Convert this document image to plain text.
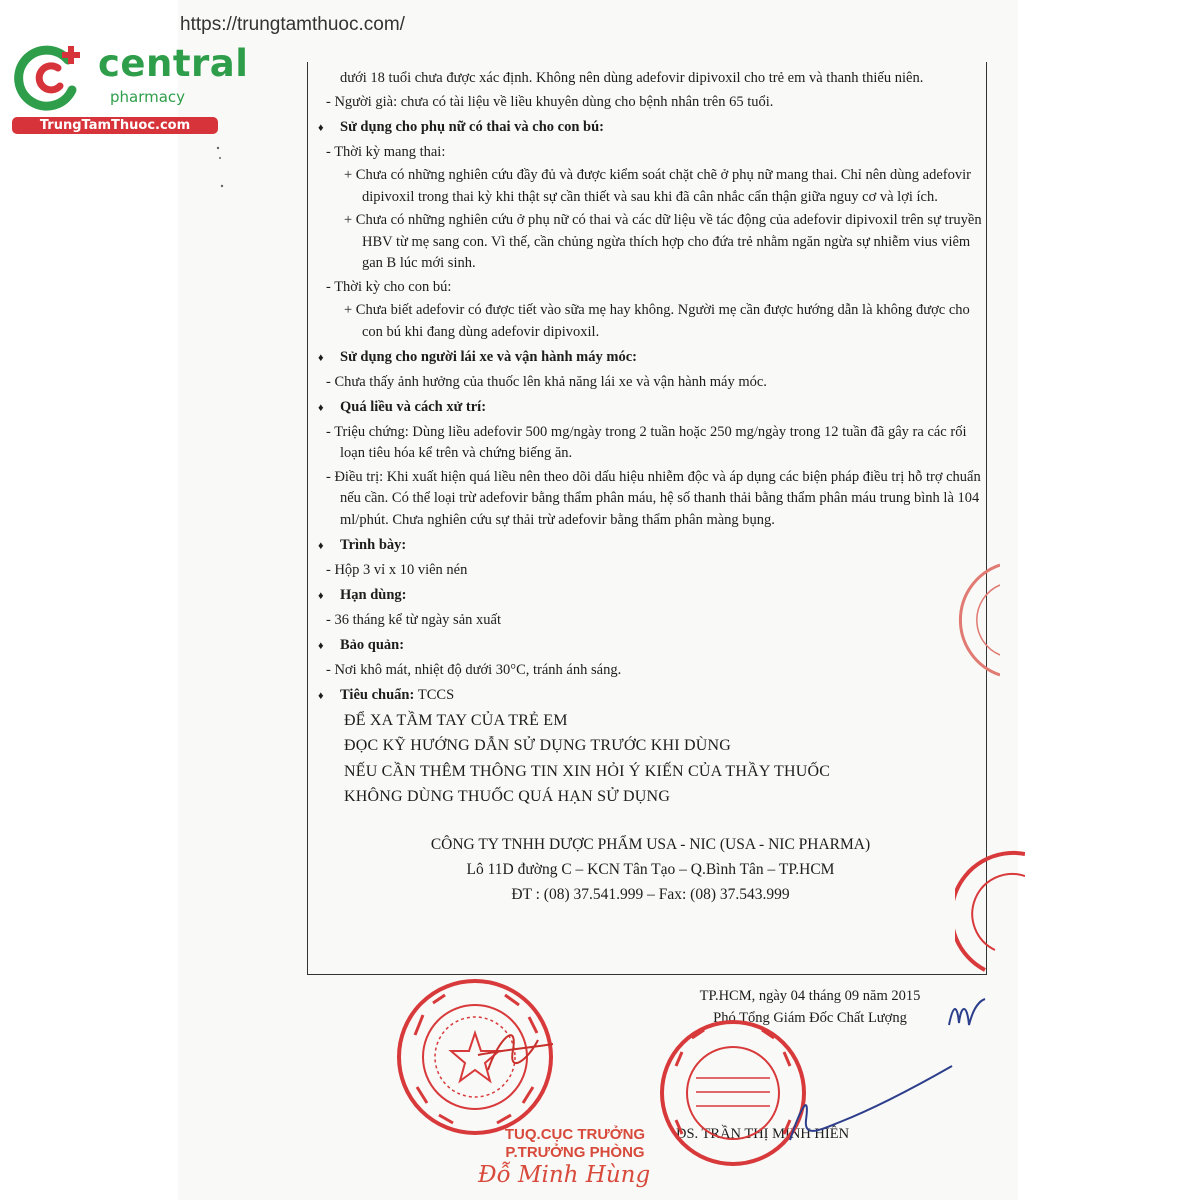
https://trungtamthuoc.com/
central
pharmacy
TrungTamThuoc.com

dưới 18 tuổi chưa được xác định. Không nên dùng adefovir dipivoxil cho trẻ em và thanh thiếu niên.

- Người già: chưa có tài liệu về liều khuyên dùng cho bệnh nhân trên 65 tuổi.

♦ Sử dụng cho phụ nữ có thai và cho con bú:

- Thời kỳ mang thai:

+ Chưa có những nghiên cứu đầy đủ và được kiểm soát chặt chẽ ở phụ nữ mang thai. Chỉ nên dùng adefovir dipivoxil trong thai kỳ khi thật sự cần thiết và sau khi đã cân nhắc cẩn thận giữa nguy cơ và lợi ích.

+ Chưa có những nghiên cứu ở phụ nữ có thai và các dữ liệu về tác động của adefovir dipivoxil trên sự truyền HBV từ mẹ sang con. Vì thế, cần chủng ngừa thích hợp cho đứa trẻ nhằm ngăn ngừa sự nhiễm vius viêm gan B lúc mới sinh.

- Thời kỳ cho con bú:

+ Chưa biết adefovir có được tiết vào sữa mẹ hay không. Người mẹ cần được hướng dẫn là không được cho con bú khi đang dùng adefovir dipivoxil.

♦ Sử dụng cho người lái xe và vận hành máy móc:

- Chưa thấy ảnh hưởng của thuốc lên khả năng lái xe và vận hành máy móc.

♦ Quá liều và cách xử trí:

- Triệu chứng: Dùng liều adefovir 500 mg/ngày trong 2 tuần hoặc 250 mg/ngày trong 12 tuần đã gây ra các rối loạn tiêu hóa kể trên và chứng biếng ăn.

- Điều trị: Khi xuất hiện quá liều nên theo dõi dấu hiệu nhiễm độc và áp dụng các biện pháp điều trị hỗ trợ chuẩn nếu cần. Có thể loại trừ adefovir bằng thẩm phân máu, hệ số thanh thải bằng thẩm phân máu trung bình là 104 ml/phút. Chưa nghiên cứu sự thải trừ adefovir bằng thẩm phân màng bụng.

♦ Trình bày:

- Hộp 3 vỉ x 10 viên nén

♦ Hạn dùng:

- 36 tháng kể từ ngày sản xuất

♦ Bảo quản:

- Nơi khô mát, nhiệt độ dưới 30°C, tránh ánh sáng.

♦ Tiêu chuẩn: TCCS

ĐỂ XA TẦM TAY CỦA TRẺ EM

ĐỌC KỸ HƯỚNG DẪN SỬ DỤNG TRƯỚC KHI DÙNG

NẾU CẦN THÊM THÔNG TIN XIN HỎI Ý KIẾN CỦA THẦY THUỐC

KHÔNG DÙNG THUỐC QUÁ HẠN SỬ DỤNG

CÔNG TY TNHH DƯỢC PHẨM USA - NIC (USA - NIC PHARMA)

Lô 11D đường C – KCN Tân Tạo – Q.Bình Tân – TP.HCM

ĐT : (08) 37.541.999 – Fax: (08) 37.543.999

TP.HCM, ngày 04 tháng 09 năm 2015
Phó Tổng Giám Đốc Chất Lượng
DS. TRẦN THỊ MINH HIỀN
TUQ.CỤC TRƯỞNG
P.TRƯỞNG PHÒNG
Đỗ Minh Hùng
